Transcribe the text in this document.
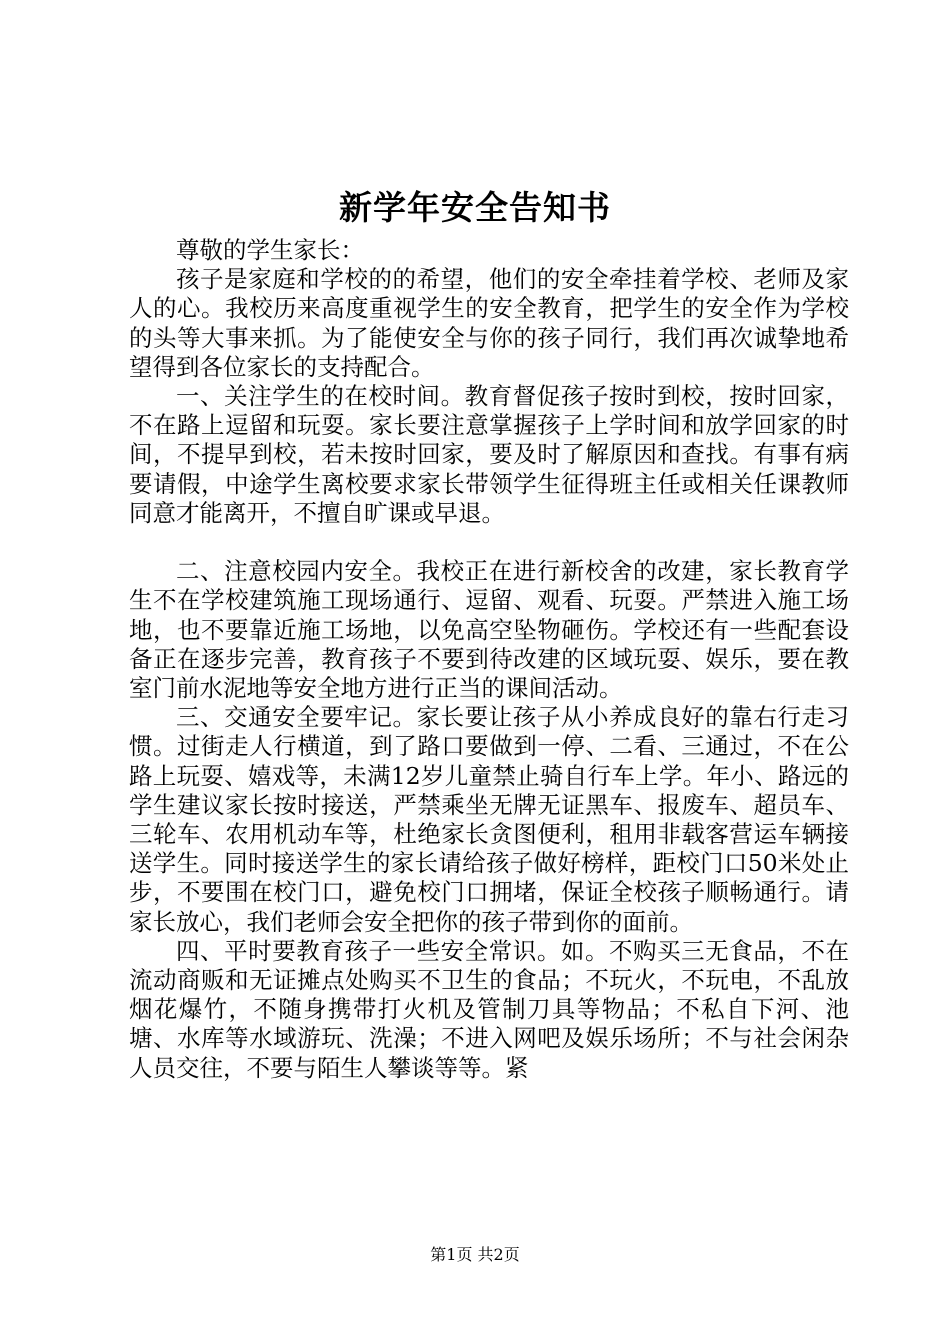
新学年安全告知书

尊敬的学生家长：

孩子是家庭和学校的的希望，他们的安全牵挂着学校、老师及家人的心。我校历来高度重视学生的安全教育，把学生的安全作为学校的头等大事来抓。为了能使安全与你的孩子同行，我们再次诚挚地希望得到各位家长的支持配合。

一、关注学生的在校时间。教育督促孩子按时到校，按时回家，不在路上逗留和玩耍。家长要注意掌握孩子上学时间和放学回家的时间，不提早到校，若未按时回家，要及时了解原因和查找。有事有病要请假，中途学生离校要求家长带领学生征得班主任或相关任课教师同意才能离开，不擅自旷课或早退。

二、注意校园内安全。我校正在进行新校舍的改建，家长教育学生不在学校建筑施工现场通行、逗留、观看、玩耍。严禁进入施工场地，也不要靠近施工场地，以免高空坠物砸伤。学校还有一些配套设备正在逐步完善，教育孩子不要到待改建的区域玩耍、娱乐，要在教室门前水泥地等安全地方进行正当的课间活动。

三、交通安全要牢记。家长要让孩子从小养成良好的靠右行走习惯。过街走人行横道，到了路口要做到一停、二看、三通过，不在公路上玩耍、嬉戏等，未满12岁儿童禁止骑自行车上学。年小、路远的学生建议家长按时接送，严禁乘坐无牌无证黑车、报废车、超员车、三轮车、农用机动车等，杜绝家长贪图便利，租用非载客营运车辆接送学生。同时接送学生的家长请给孩子做好榜样，距校门口50米处止步，不要围在校门口，避免校门口拥堵，保证全校孩子顺畅通行。请家长放心，我们老师会安全把你的孩子带到你的面前。

四、平时要教育孩子一些安全常识。如。不购买三无食品，不在流动商贩和无证摊点处购买不卫生的食品；不玩火，不玩电，不乱放烟花爆竹，不随身携带打火机及管制刀具等物品；不私自下河、池塘、水库等水域游玩、洗澡；不进入网吧及娱乐场所；不与社会闲杂人员交往，不要与陌生人攀谈等等。紧

第1页 共2页
